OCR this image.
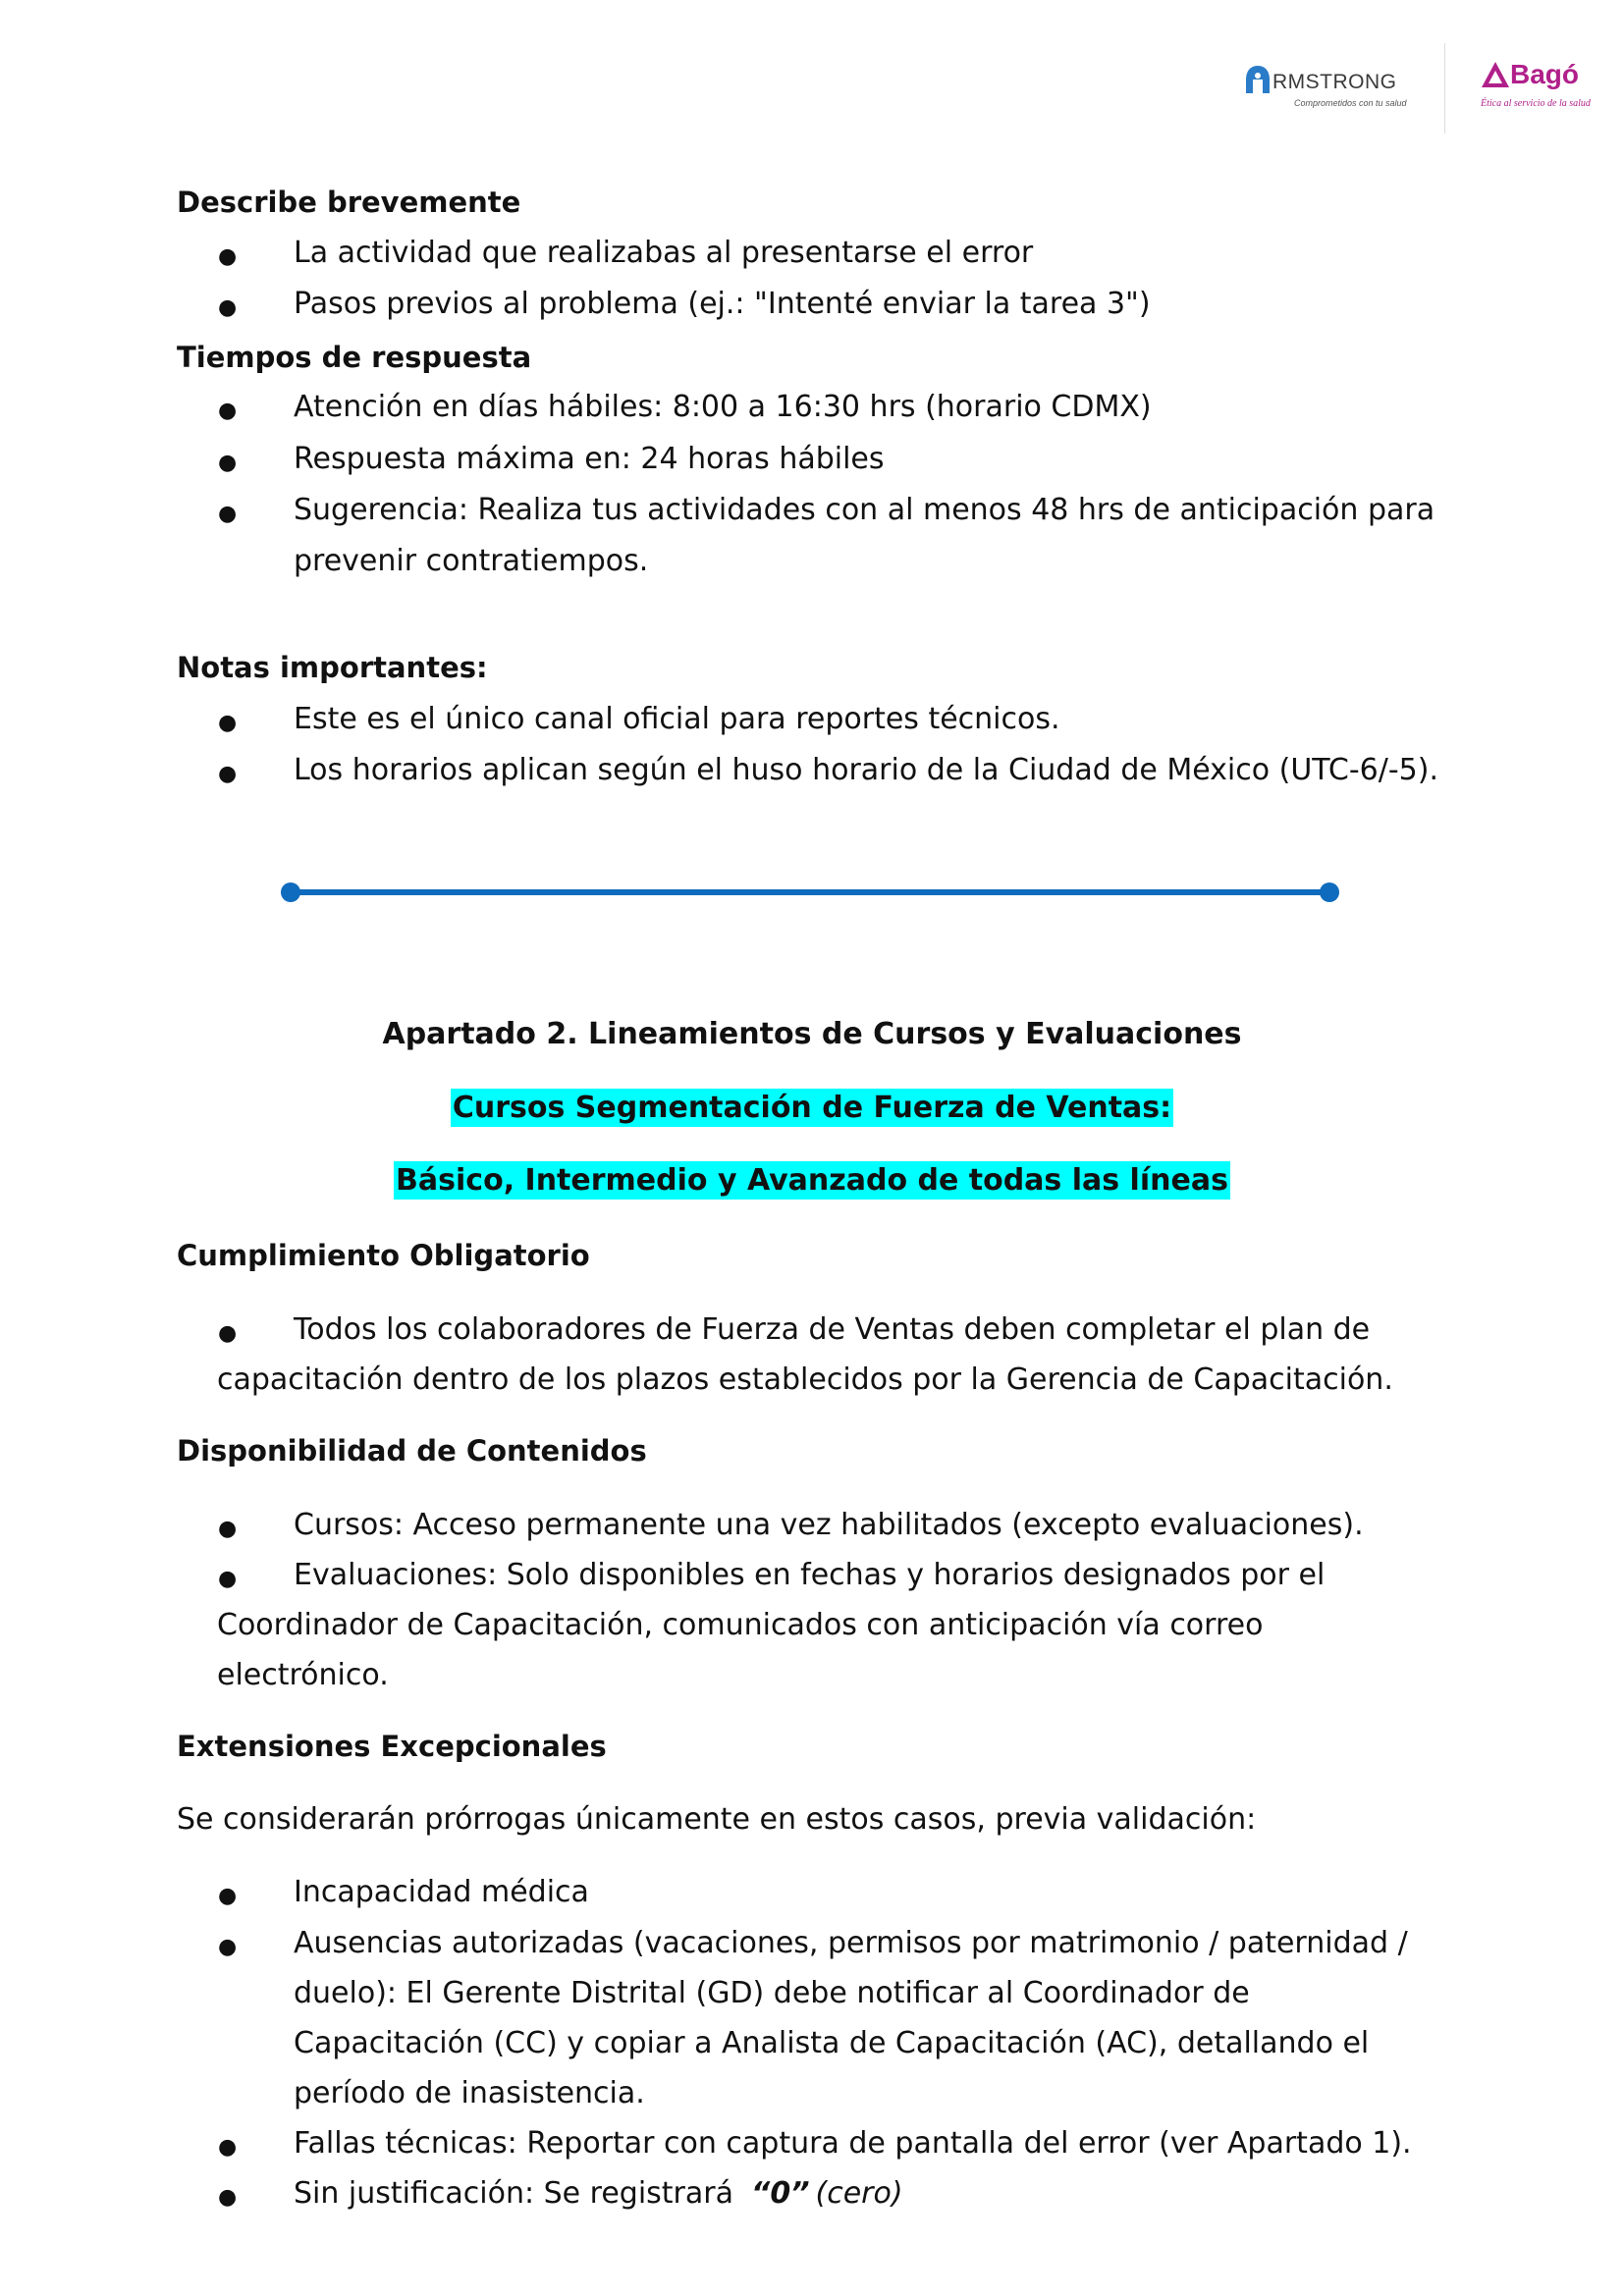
RMSTRONG
Comprometidos con tu salud
Bagó
Ética al servicio de la salud
Describe brevemente
● La actividad que realizabas al presentarse el error
● Pasos previos al problema (ej.: "Intenté enviar la tarea 3")
Tiempos de respuesta
● Atención en días hábiles: 8:00 a 16:30 hrs (horario CDMX)
● Respuesta máxima en: 24 horas hábiles
● Sugerencia: Realiza tus actividades con al menos 48 hrs de anticipación para
prevenir contratiempos.
Notas importantes:
● Este es el único canal oficial para reportes técnicos.
● Los horarios aplican según el huso horario de la Ciudad de México (UTC-6/-5).
Apartado 2. Lineamientos de Cursos y Evaluaciones
Cursos Segmentación de Fuerza de Ventas:
Básico, Intermedio y Avanzado de todas las líneas
Cumplimiento Obligatorio
● Todos los colaboradores de Fuerza de Ventas deben completar el plan de
capacitación dentro de los plazos establecidos por la Gerencia de Capacitación.
Disponibilidad de Contenidos
● Cursos: Acceso permanente una vez habilitados (excepto evaluaciones).
● Evaluaciones: Solo disponibles en fechas y horarios designados por el
Coordinador de Capacitación, comunicados con anticipación vía correo
electrónico.
Extensiones Excepcionales
Se considerarán prórrogas únicamente en estos casos, previa validación:
● Incapacidad médica
● Ausencias autorizadas (vacaciones, permisos por matrimonio / paternidad /
duelo): El Gerente Distrital (GD) debe notificar al Coordinador de
Capacitación (CC) y copiar a Analista de Capacitación (AC), detallando el
período de inasistencia.
● Fallas técnicas: Reportar con captura de pantalla del error (ver Apartado 1).
● Sin justificación: Se registrará “0” (cero)
